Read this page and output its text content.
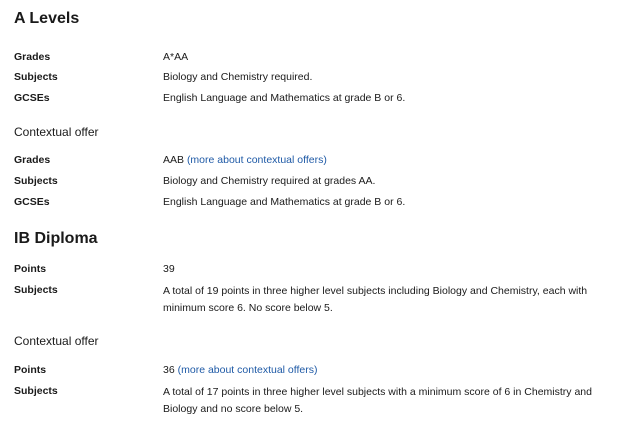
A Levels
Grades	A*AA
Subjects	Biology and Chemistry required.
GCSEs	English Language and Mathematics at grade B or 6.
Contextual offer
Grades	AAB (more about contextual offers)
Subjects	Biology and Chemistry required at grades AA.
GCSEs	English Language and Mathematics at grade B or 6.
IB Diploma
Points	39
Subjects	A total of 19 points in three higher level subjects including Biology and Chemistry, each with minimum score 6. No score below 5.
Contextual offer
Points	36 (more about contextual offers)
Subjects	A total of 17 points in three higher level subjects with a minimum score of 6 in Chemistry and Biology and no score below 5.
